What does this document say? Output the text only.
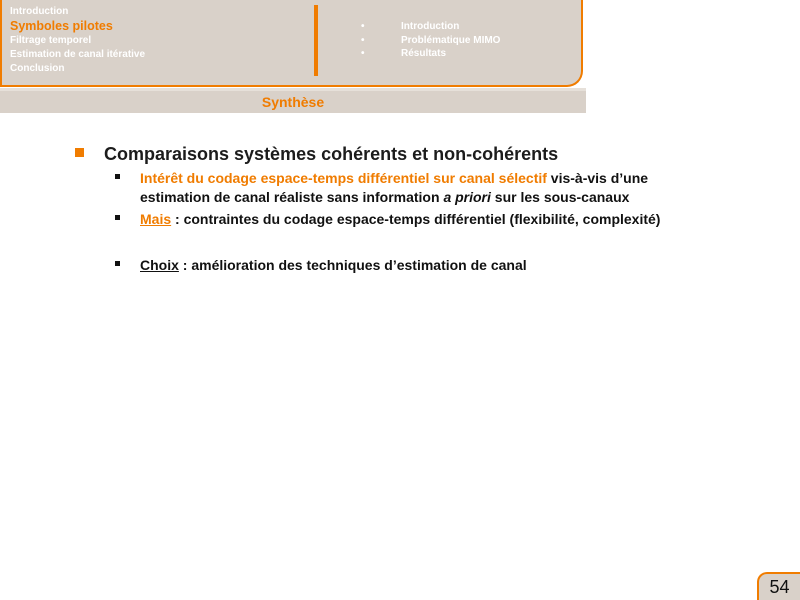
Introduction
Symboles pilotes
Filtrage temporel
Estimation de canal itérative
Conclusion
•	Introduction
•	Problématique MIMO
•	Résultats
Synthèse
Comparaisons systèmes cohérents et non-cohérents
Intérêt du codage espace-temps différentiel sur canal sélectif vis-à-vis d’une
estimation de canal réaliste sans information a priori sur les sous-canaux
Mais : contraintes du codage espace-temps différentiel (flexibilité, complexité)
Choix : amélioration des techniques d’estimation de canal
54
